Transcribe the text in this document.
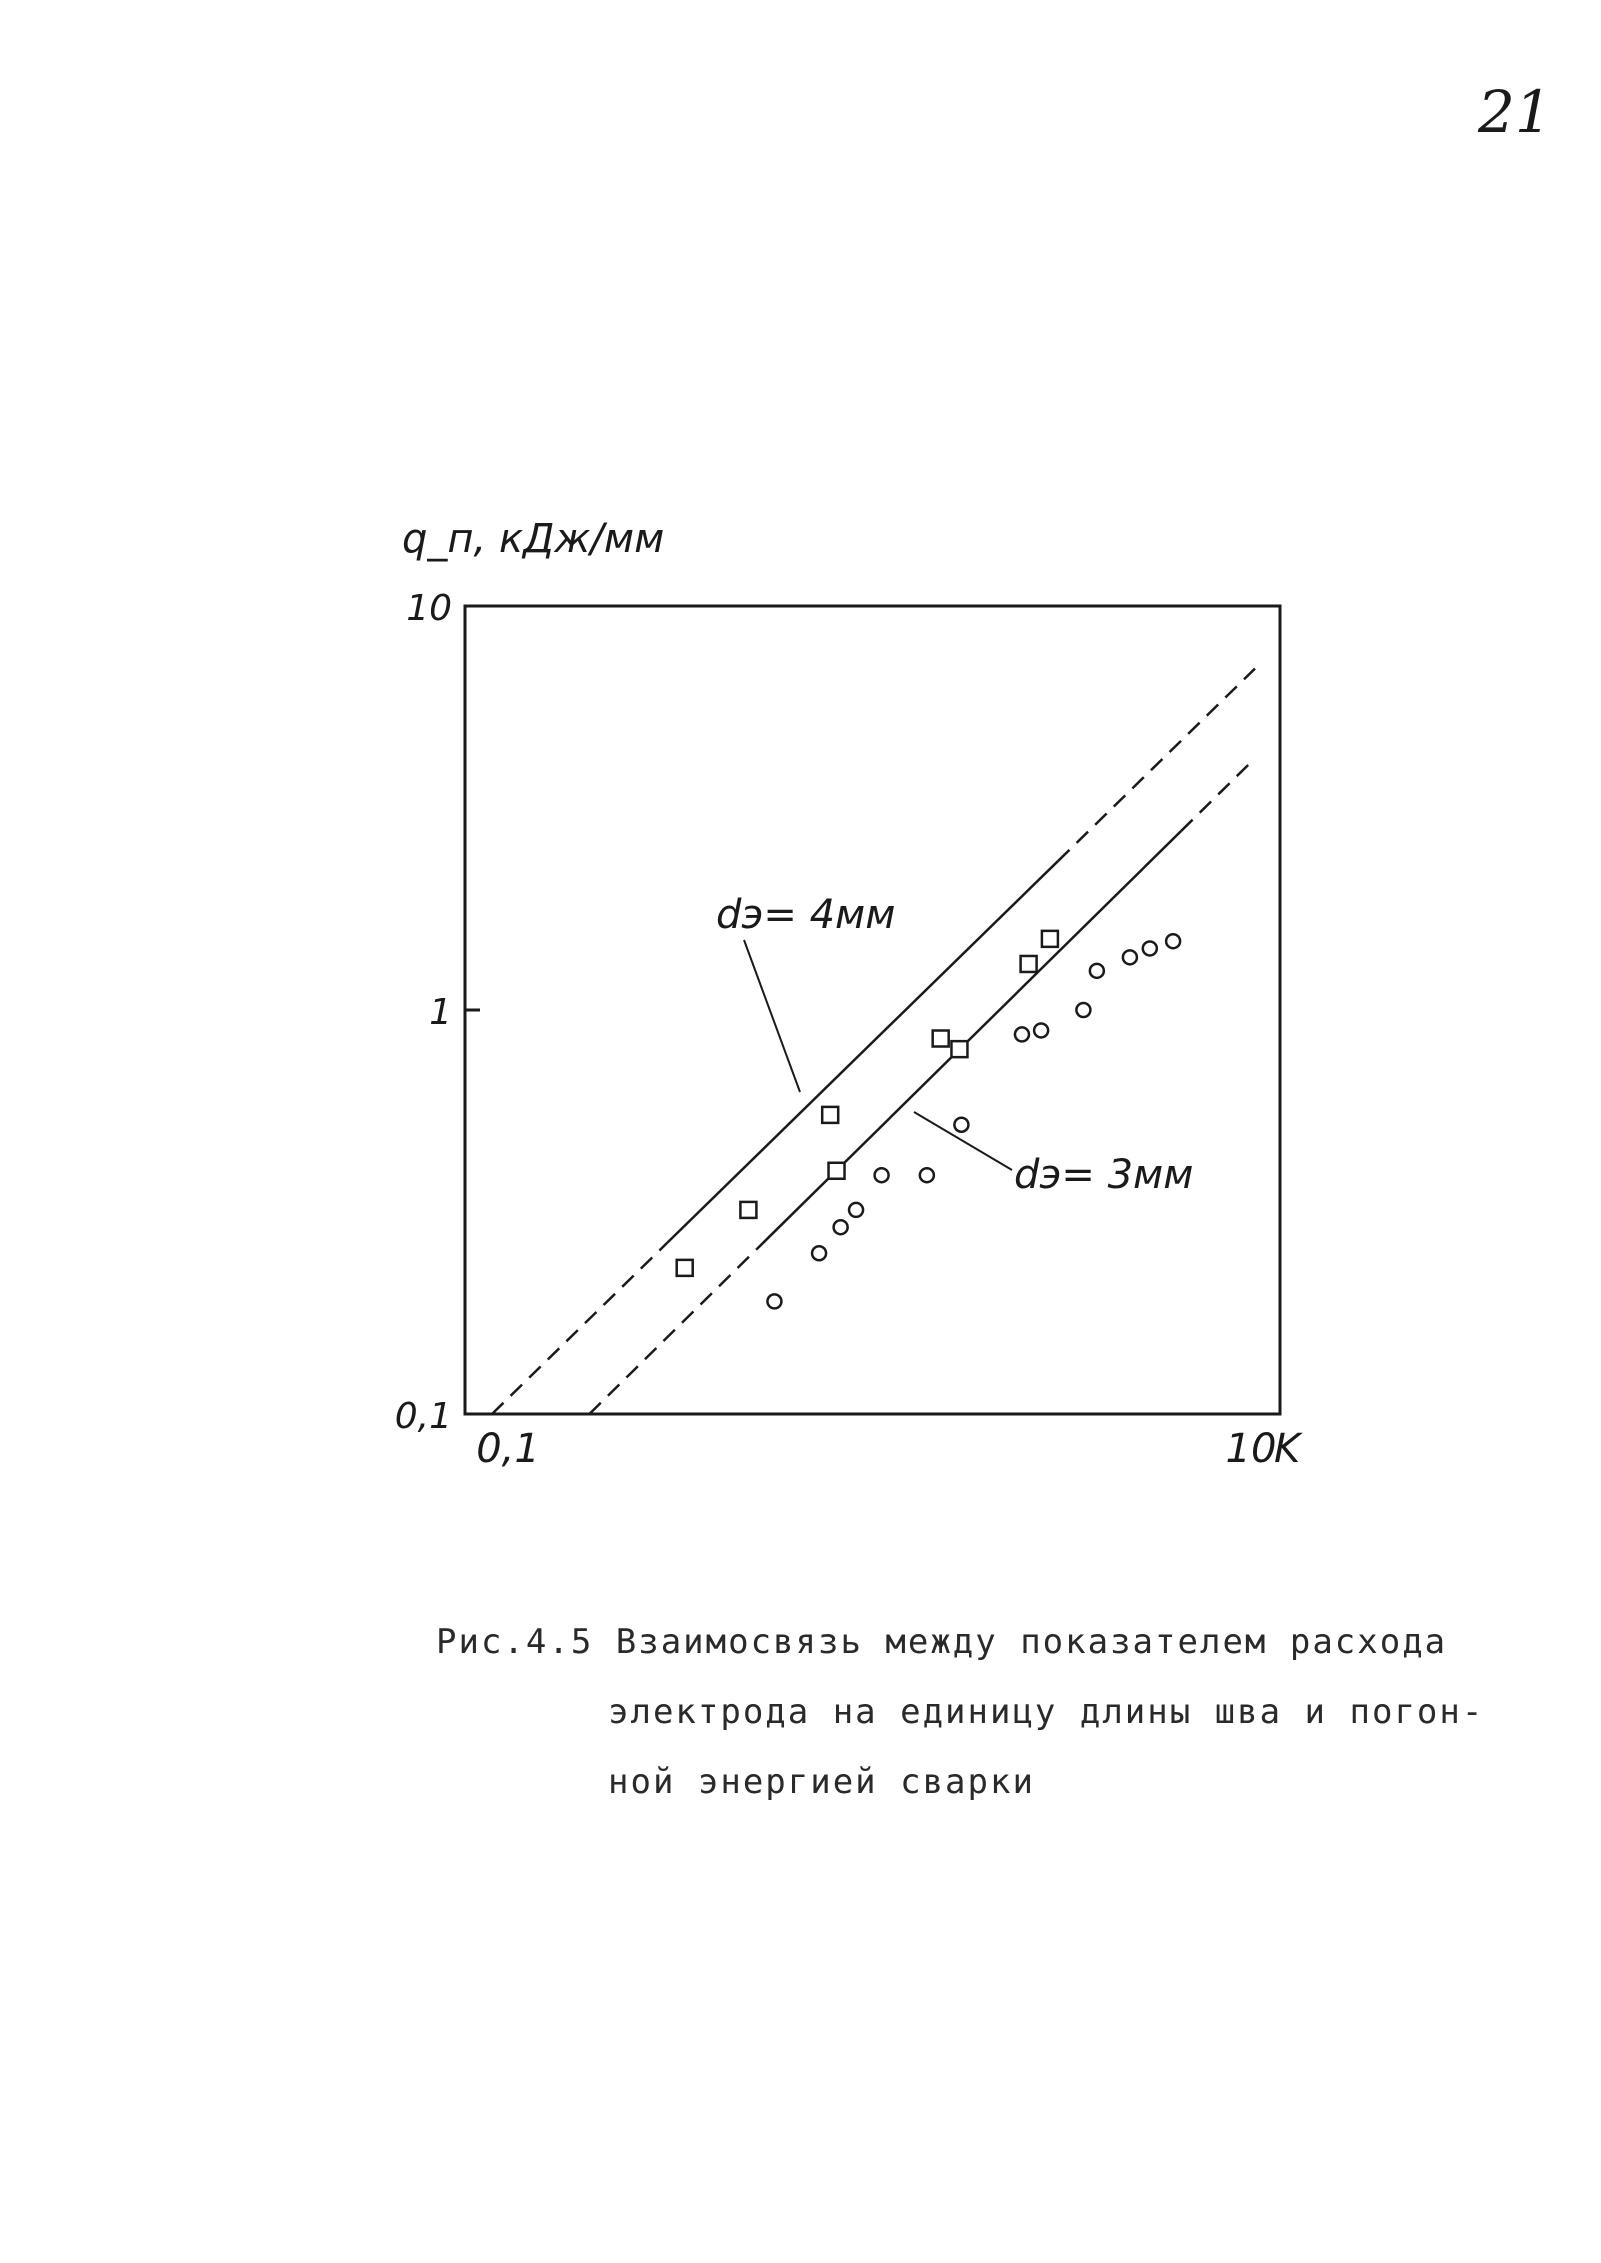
21
q_п, кДж/мм
0,1
1
10
0,1	10
dэ= 4мм
dэ= 3мм
K
Рис.4.5 Взаимосвязь между показателем расхода
электрода на единицу длины шва и погон-
ной энергией сварки
